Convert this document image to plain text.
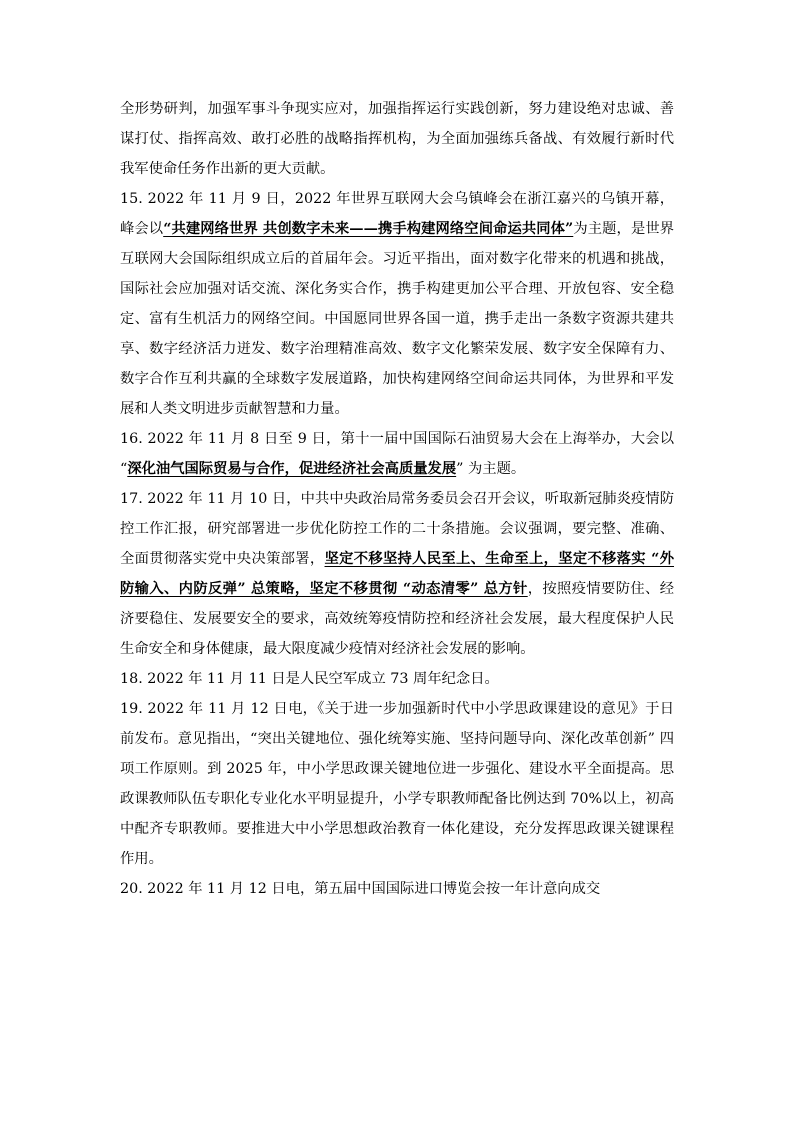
全形势研判，加强军事斗争现实应对，加强指挥运行实践创新，努力建设绝对忠诚、善谋打仗、指挥高效、敢打必胜的战略指挥机构，为全面加强练兵备战、有效履行新时代我军使命任务作出新的更大贡献。

15. 2022 年 11 月 9 日，2022 年世界互联网大会乌镇峰会在浙江嘉兴的乌镇开幕，峰会以“共建网络世界 共创数字未来——携手构建网络空间命运共同体”为主题，是世界互联网大会国际组织成立后的首届年会。习近平指出，面对数字化带来的机遇和挑战，国际社会应加强对话交流、深化务实合作，携手构建更加公平合理、开放包容、安全稳定、富有生机活力的网络空间。中国愿同世界各国一道，携手走出一条数字资源共建共享、数字经济活力迸发、数字治理精准高效、数字文化繁荣发展、数字安全保障有力、数字合作互利共赢的全球数字发展道路，加快构建网络空间命运共同体，为世界和平发展和人类文明进步贡献智慧和力量。

16. 2022 年 11 月 8 日至 9 日，第十一届中国国际石油贸易大会在上海举办，大会以 “深化油气国际贸易与合作，促进经济社会高质量发展” 为主题。

17. 2022 年 11 月 10 日，中共中央政治局常务委员会召开会议，听取新冠肺炎疫情防控工作汇报，研究部署进一步优化防控工作的二十条措施。会议强调，要完整、准确、全面贯彻落实党中央决策部署，坚定不移坚持人民至上、生命至上，坚定不移落实 “外防输入、内防反弹” 总策略，坚定不移贯彻 “动态清零” 总方针，按照疫情要防住、经济要稳住、发展要安全的要求，高效统筹疫情防控和经济社会发展，最大程度保护人民生命安全和身体健康，最大限度减少疫情对经济社会发展的影响。

18. 2022 年 11 月 11 日是人民空军成立 73 周年纪念日。

19. 2022 年 11 月 12 日电，《关于进一步加强新时代中小学思政课建设的意见》于日前发布。意见指出，“突出关键地位、强化统筹实施、坚持问题导向、深化改革创新” 四项工作原则。到 2025 年，中小学思政课关键地位进一步强化、建设水平全面提高。思政课教师队伍专职化专业化水平明显提升，小学专职教师配备比例达到 70%以上，初高中配齐专职教师。要推进大中小学思想政治教育一体化建设，充分发挥思政课关键课程作用。

20. 2022 年 11 月 12 日电，第五届中国国际进口博览会按一年计意向成交
